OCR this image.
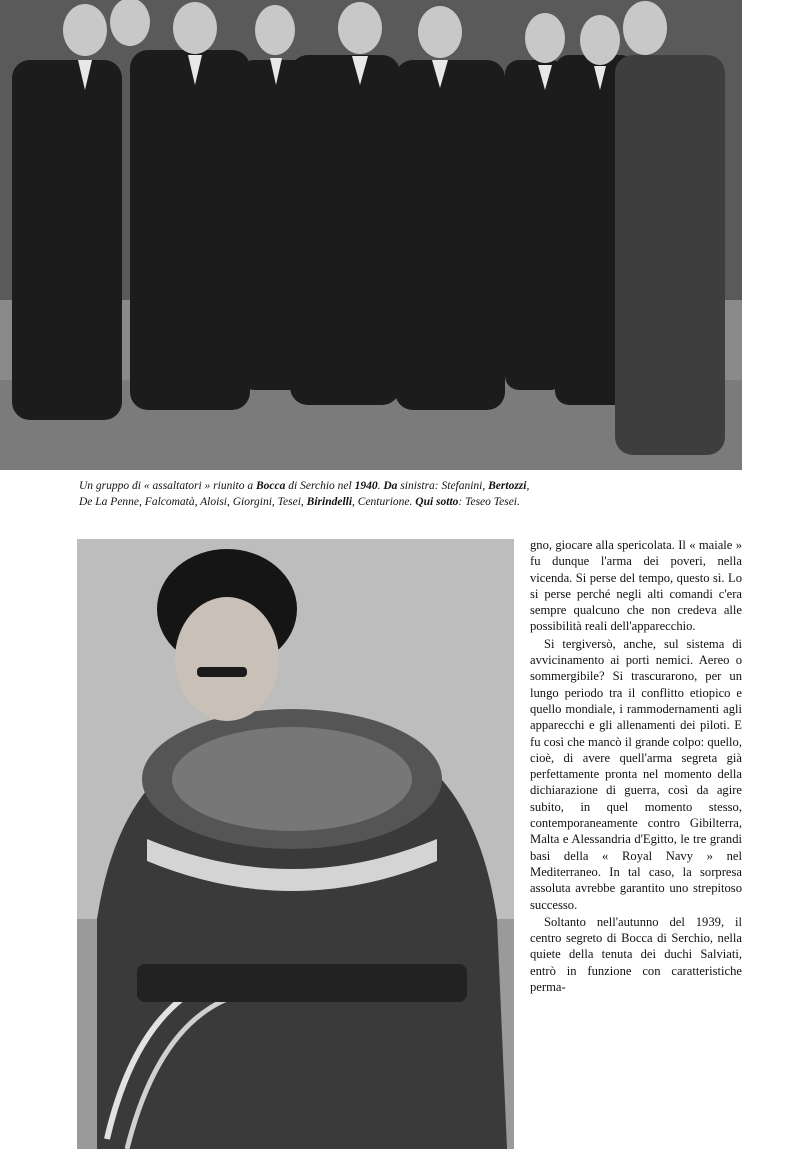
Un gruppo di « assaltatori » riunito a Bocca di Serchio nel 1940. Da sinistra: Stefanini, Bertozzi, De La Penne, Falcomatà, Aloisi, Giorgini, Tesei, Birindelli, Centurione. Qui sotto: Teseo Tesei.

gno, giocare alla spericolata. Il « maiale » fu dunque l'arma dei poveri, nella vicenda. Si perse del tempo, questo sì. Lo si perse perché negli alti comandi c'era sempre qualcuno che non credeva alle possibilità reali dell'apparecchio.

Si tergiversò, anche, sul sistema di avvicinamento ai porti nemici. Aereo o sommergibile? Si trascurarono, per un lungo periodo tra il conflitto etiopico e quello mondiale, i rammodernamenti agli apparecchi e gli allenamenti dei piloti. E fu così che mancò il grande colpo: quello, cioè, di avere quell'arma segreta già perfettamente pronta nel momento della dichiarazione di guerra, così da agire subito, in quel momento stesso, contemporaneamente contro Gibilterra, Malta e Alessandria d'Egitto, le tre grandi basi della « Royal Navy » nel Mediterraneo. In tal caso, la sorpresa assoluta avrebbe garantito uno strepitoso successo.

Soltanto nell'autunno del 1939, il centro segreto di Bocca di Serchio, nella quiete della tenuta dei duchi Salviati, entrò in funzione con caratteristiche perma-
